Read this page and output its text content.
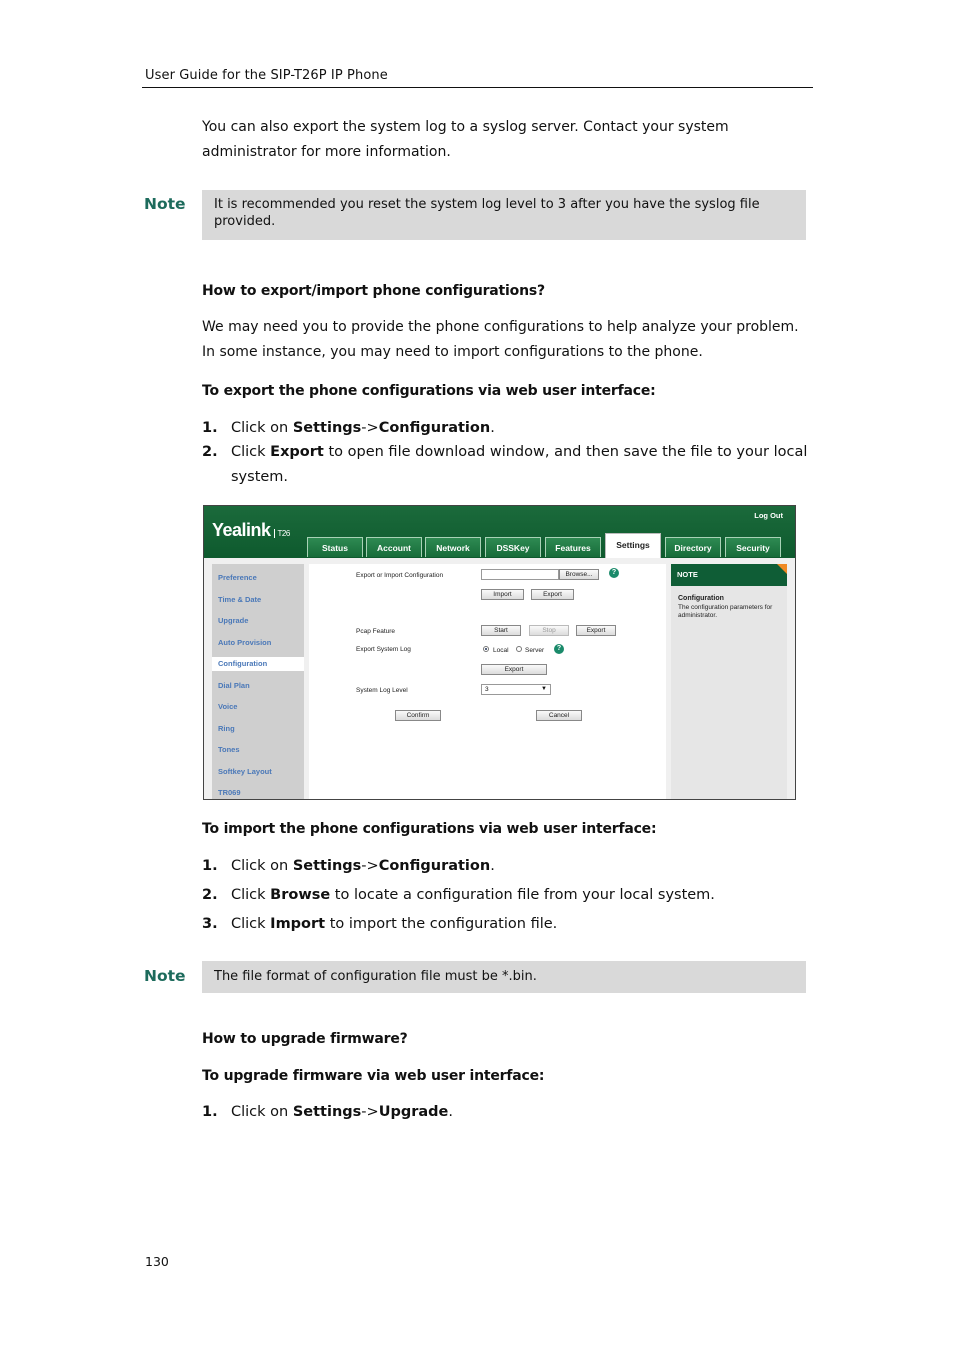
User Guide for the SIP-T26P IP Phone

You can also export the system log to a syslog server. Contact your system administrator for more information.

Note	It is recommended you reset the system log level to 3 after you have the syslog file provided.
How to export/import phone configurations?

We may need you to provide the phone configurations to help analyze your problem. In some instance, you may need to import configurations to the phone.

To export the phone configurations via web user interface:
1. Click on Settings->Configuration.
2. Click Export to open file download window, and then save the file to your local system.
Yealink T26
Log Out
Status	Account	Network	DSSKey	Features	Settings	Directory	Security
Preference
Time & Date
Upgrade
Auto Provision
Configuration
Dial Plan
Voice
Ring
Tones
Softkey Layout
TR069
Export or Import Configuration	Browse...	?
Import	Export
Pcap Feature	Start	Stop	Export
Export System Log	Local	Server	?
Export
System Log Level	3	▼
Confirm	Cancel
NOTE
Configuration
The configuration parameters for administrator.
To import the phone configurations via web user interface:
1. Click on Settings->Configuration.
2. Click Browse to locate a configuration file from your local system.
3. Click Import to import the configuration file.
Note	The file format of configuration file must be *.bin.
How to upgrade firmware?
To upgrade firmware via web user interface:
1. Click on Settings->Upgrade.
130
